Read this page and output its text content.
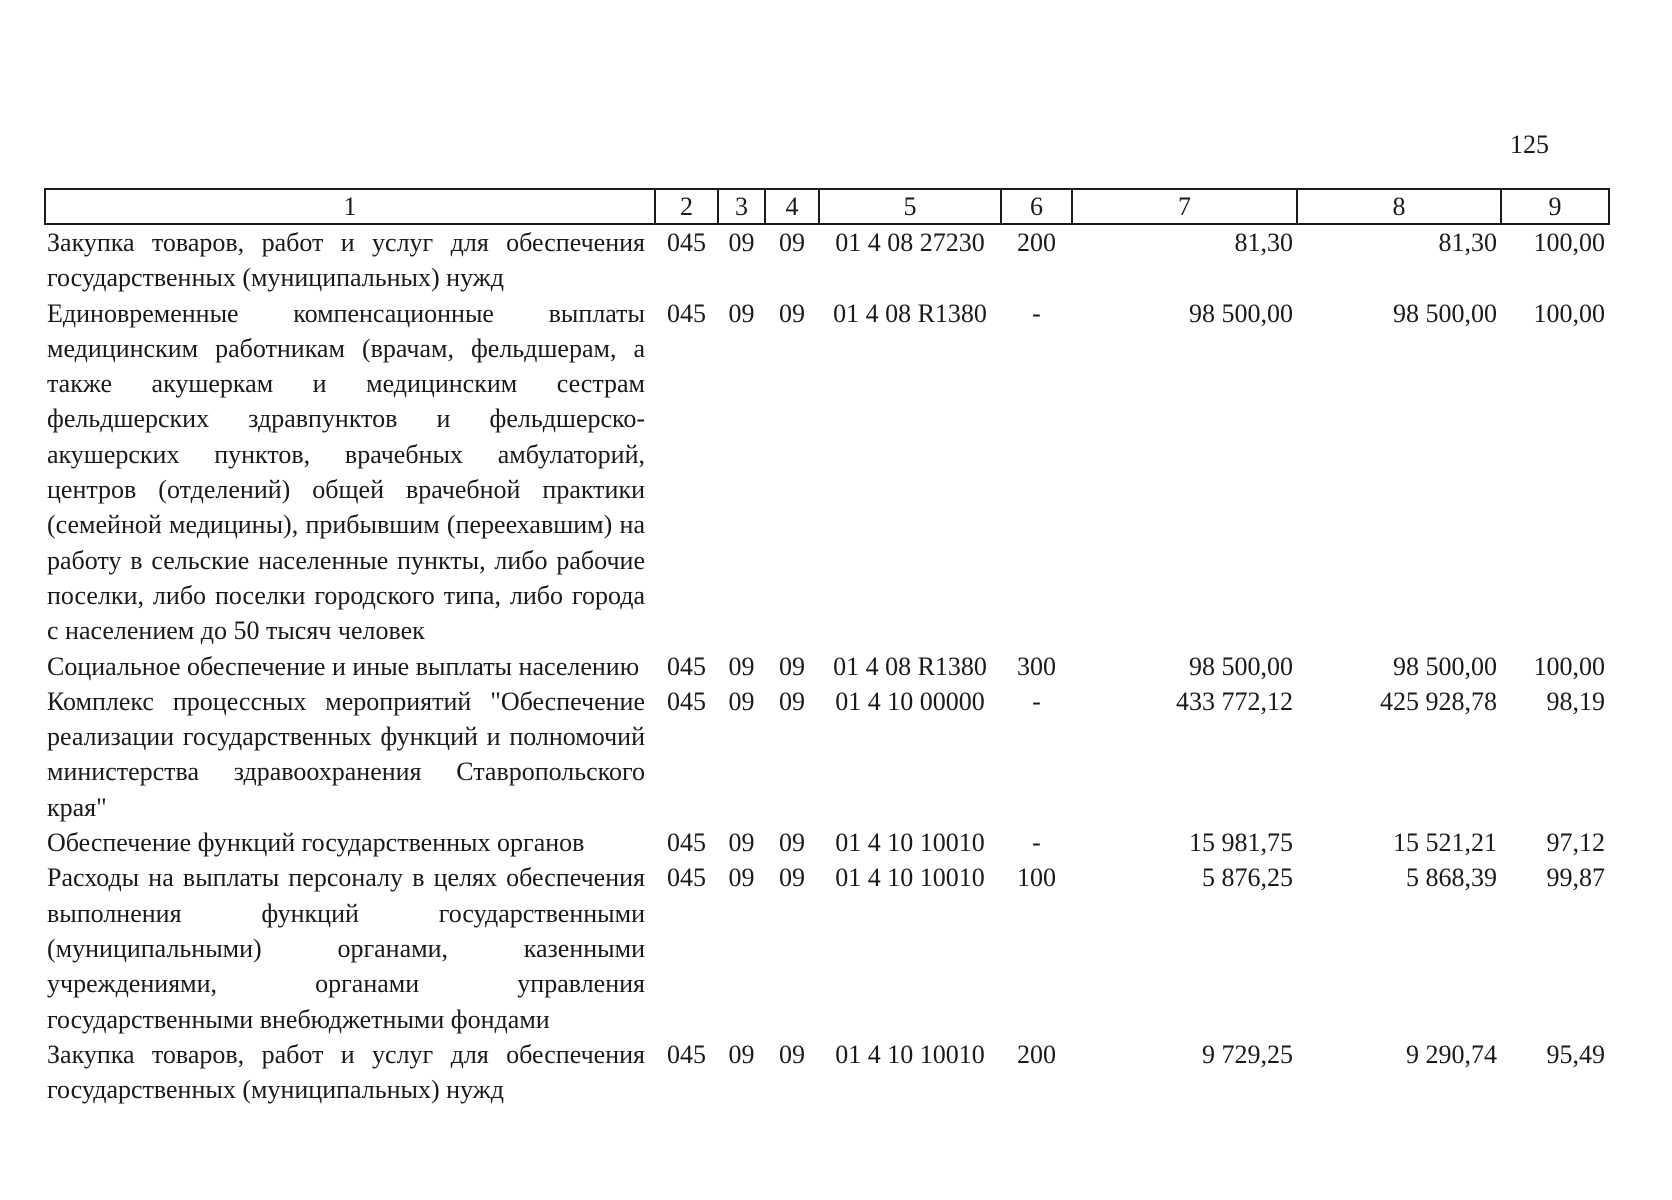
125
1	2	3	4	5	6	7	8	9
Закупка товаров, работ и услуг для обеспечения государственных (муниципальных) нужд	045	09	09	01 4 08 27230	200	81,30	81,30	100,00
Единовременные компенсационные выплаты медицинским работникам (врачам, фельдшерам, а также акушеркам и медицинским сестрам фельдшерских здравпунктов и фельдшерско-акушерских пунктов, врачебных амбулаторий, центров (отделений) общей врачебной практики (семейной медицины), прибывшим (переехавшим) на работу в сельские населенные пункты, либо рабочие поселки, либо поселки городского типа, либо города с населением до 50 тысяч человек	045	09	09	01 4 08 R1380	-	98 500,00	98 500,00	100,00
Социальное обеспечение и иные выплаты населению	045	09	09	01 4 08 R1380	300	98 500,00	98 500,00	100,00
Комплекс процессных мероприятий "Обеспечение реализации государственных функций и полномочий министерства здравоохранения Ставропольского края"	045	09	09	01 4 10 00000	-	433 772,12	425 928,78	98,19
Обеспечение функций государственных органов	045	09	09	01 4 10 10010	-	15 981,75	15 521,21	97,12
Расходы на выплаты персоналу в целях обеспечения выполнения функций государственными (муниципальными) органами, казенными учреждениями, органами управления государственными внебюджетными фондами	045	09	09	01 4 10 10010	100	5 876,25	5 868,39	99,87
Закупка товаров, работ и услуг для обеспечения государственных (муниципальных) нужд	045	09	09	01 4 10 10010	200	9 729,25	9 290,74	95,49
